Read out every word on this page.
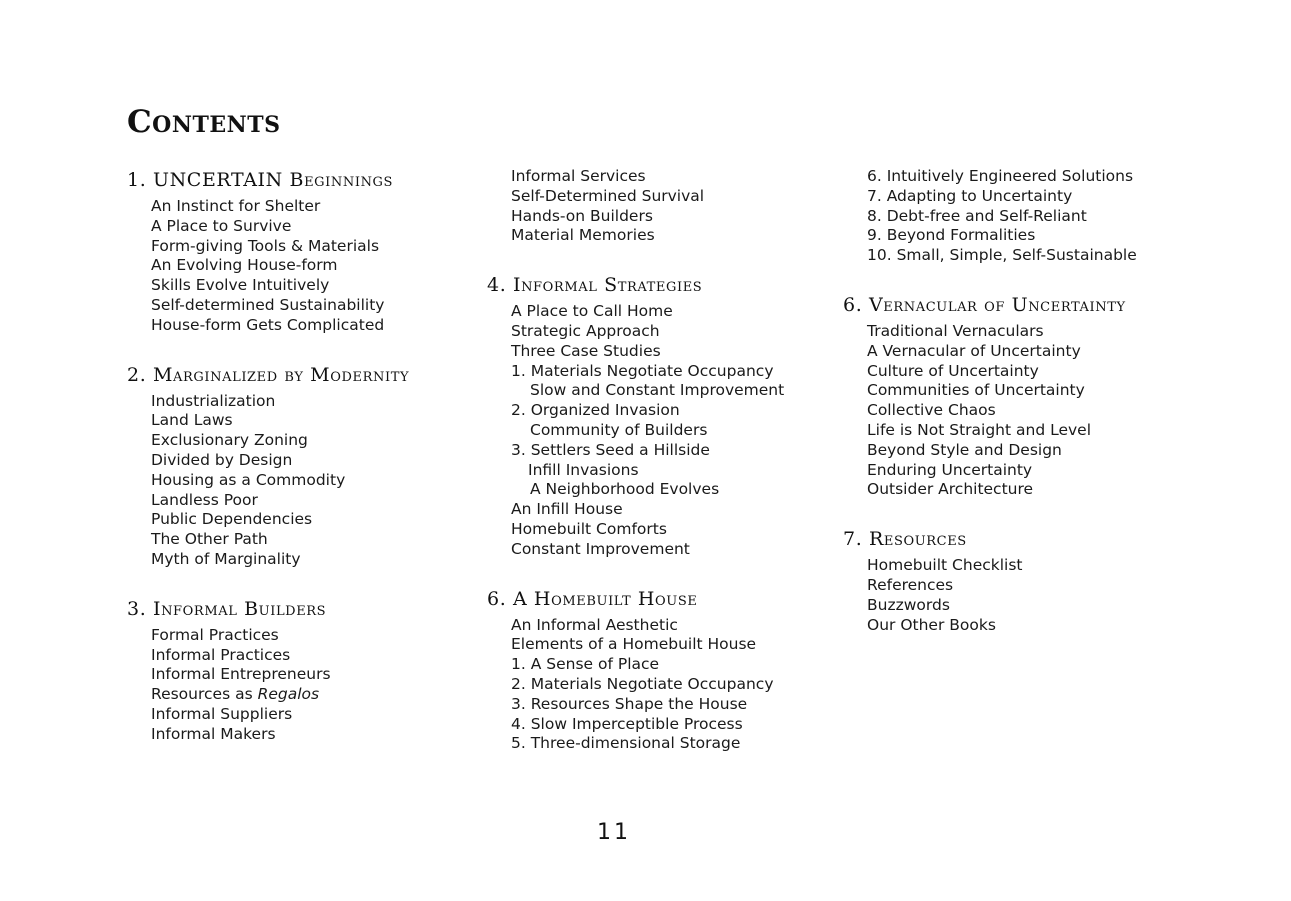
Contents
1. UNCERTAIN Beginnings
An Instinct for Shelter
A Place to Survive
Form-giving Tools & Materials
An Evolving House-form
Skills Evolve Intuitively
Self-determined Sustainability
House-form Gets Complicated
2. Marginalized by Modernity
Industrialization
Land Laws
Exclusionary Zoning
Divided by Design
Housing as a Commodity
Landless Poor
Public Dependencies
The Other Path
Myth of Marginality
3. Informal Builders
Formal Practices
Informal Practices
Informal Entrepreneurs
Resources as Regalos
Informal Suppliers
Informal Makers
Informal Services
Self-Determined Survival
Hands-on Builders
Material Memories
4. Informal Strategies
A Place to Call Home
Strategic Approach
Three Case Studies
1. Materials Negotiate Occupancy
Slow and Constant Improvement
2. Organized Invasion
Community of Builders
3. Settlers Seed a Hillside
Infill Invasions
A Neighborhood Evolves
An Infill House
Homebuilt Comforts
Constant Improvement
6. A Homebuilt House
An Informal Aesthetic
Elements of a Homebuilt House
1. A Sense of Place
2. Materials Negotiate Occupancy
3. Resources Shape the House
4. Slow Imperceptible Process
5. Three-dimensional Storage
6. Intuitively Engineered Solutions
7. Adapting to Uncertainty
8. Debt-free and Self-Reliant
9. Beyond Formalities
10. Small, Simple, Self-Sustainable
6. Vernacular of Uncertainty
Traditional Vernaculars
A Vernacular of Uncertainty
Culture of Uncertainty
Communities of Uncertainty
Collective Chaos
Life is Not Straight and Level
Beyond Style and Design
Enduring Uncertainty
Outsider Architecture
7. Resources
Homebuilt Checklist
References
Buzzwords
Our Other Books
11
